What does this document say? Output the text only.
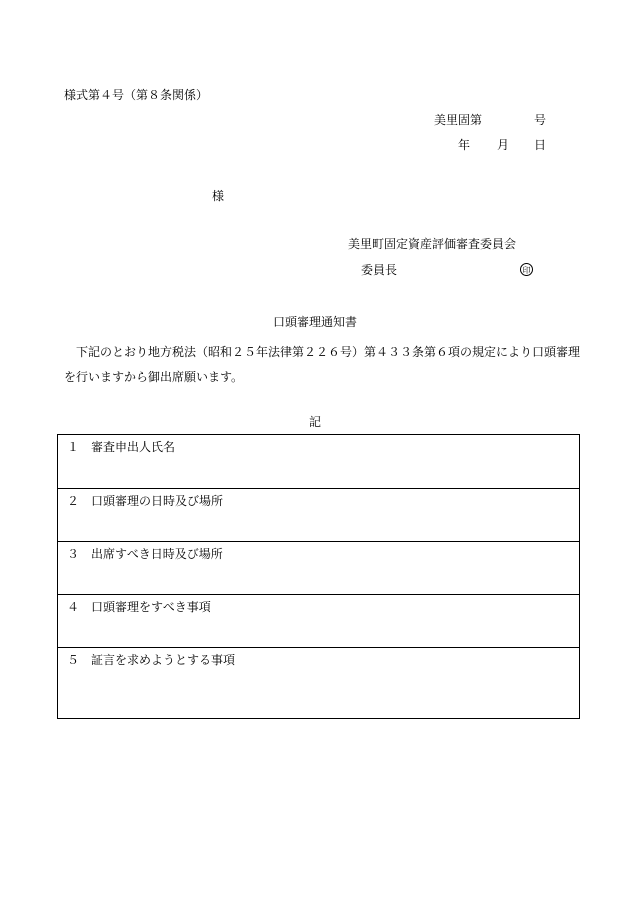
様式第４号（第８条関係）
美里固第	号
年 月 日
様
美里町固定資産評価審査委員会
委員長	印
口頭審理通知書
下記のとおり地方税法（昭和２５年法律第２２６号）第４３３条第６項の規定により口頭審理を行いますから御出席願います。
記
１　審査申出人氏名
２　口頭審理の日時及び場所
３　出席すべき日時及び場所
４　口頭審理をすべき事項
５　証言を求めようとする事項
